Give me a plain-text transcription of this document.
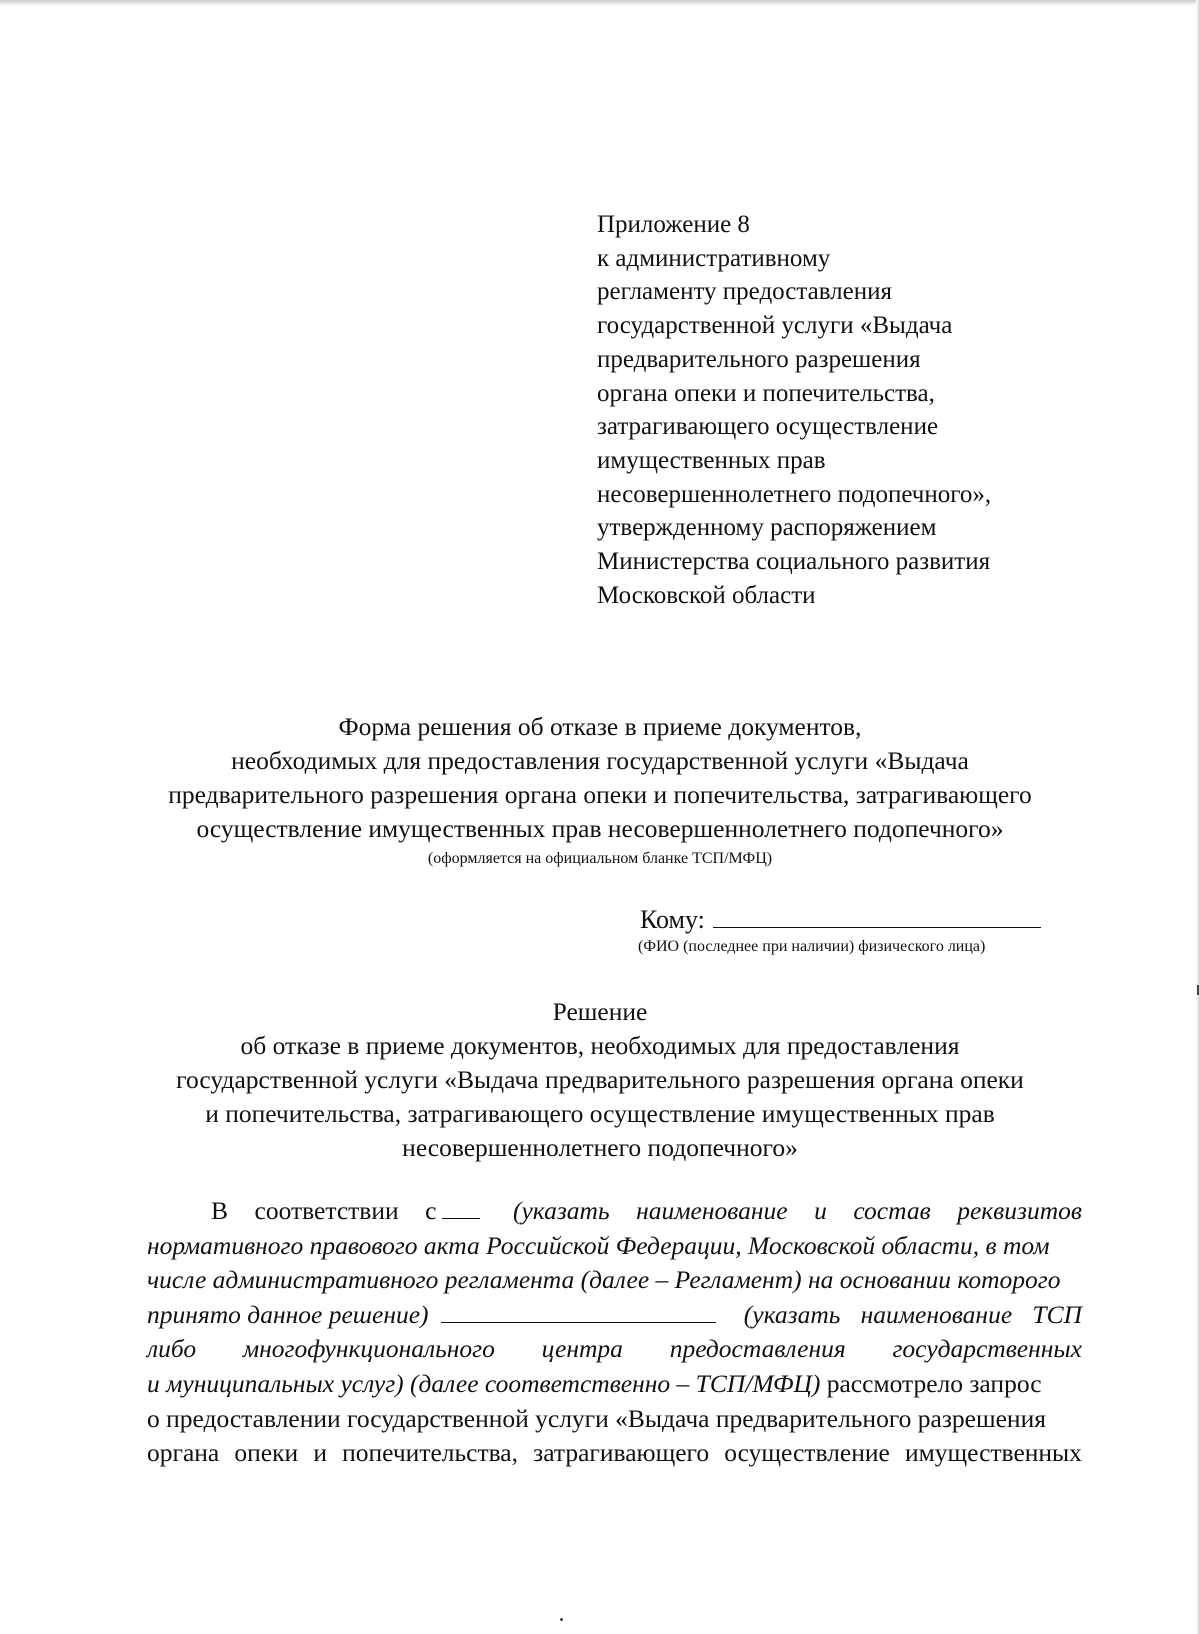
Приложение 8
к административному
регламенту предоставления
государственной услуги «Выдача
предварительного разрешения
органа опеки и попечительства,
затрагивающего осуществление
имущественных прав
несовершеннолетнего подопечного»,
утвержденному распоряжением
Министерства социального развития
Московской области
Форма решения об отказе в приеме документов,
необходимых для предоставления государственной услуги «Выдача
предварительного разрешения органа опеки и попечительства, затрагивающего
осуществление имущественных прав несовершеннолетнего подопечного»
(оформляется на официальном бланке ТСП/МФЦ)
Кому:
(ФИО (последнее при наличии) физического лица)
Решение
об отказе в приеме документов, необходимых для предоставления
государственной услуги «Выдача предварительного разрешения органа опеки
и попечительства, затрагивающего осуществление имущественных прав
несовершеннолетнего подопечного»
В соответствии с	(указать наименование и состав реквизитов
нормативного правового акта Российской Федерации, Московской области, в том
числе административного регламента (далее – Регламент) на основании которого
принято данное решение)	(указать наименование ТСП
либо многофункционального центра предоставления государственных
и муниципальных услуг) (далее соответственно – ТСП/МФЦ) рассмотрело запрос
о предоставлении государственной услуги «Выдача предварительного разрешения
органа опеки и попечительства, затрагивающего осуществление имущественных
